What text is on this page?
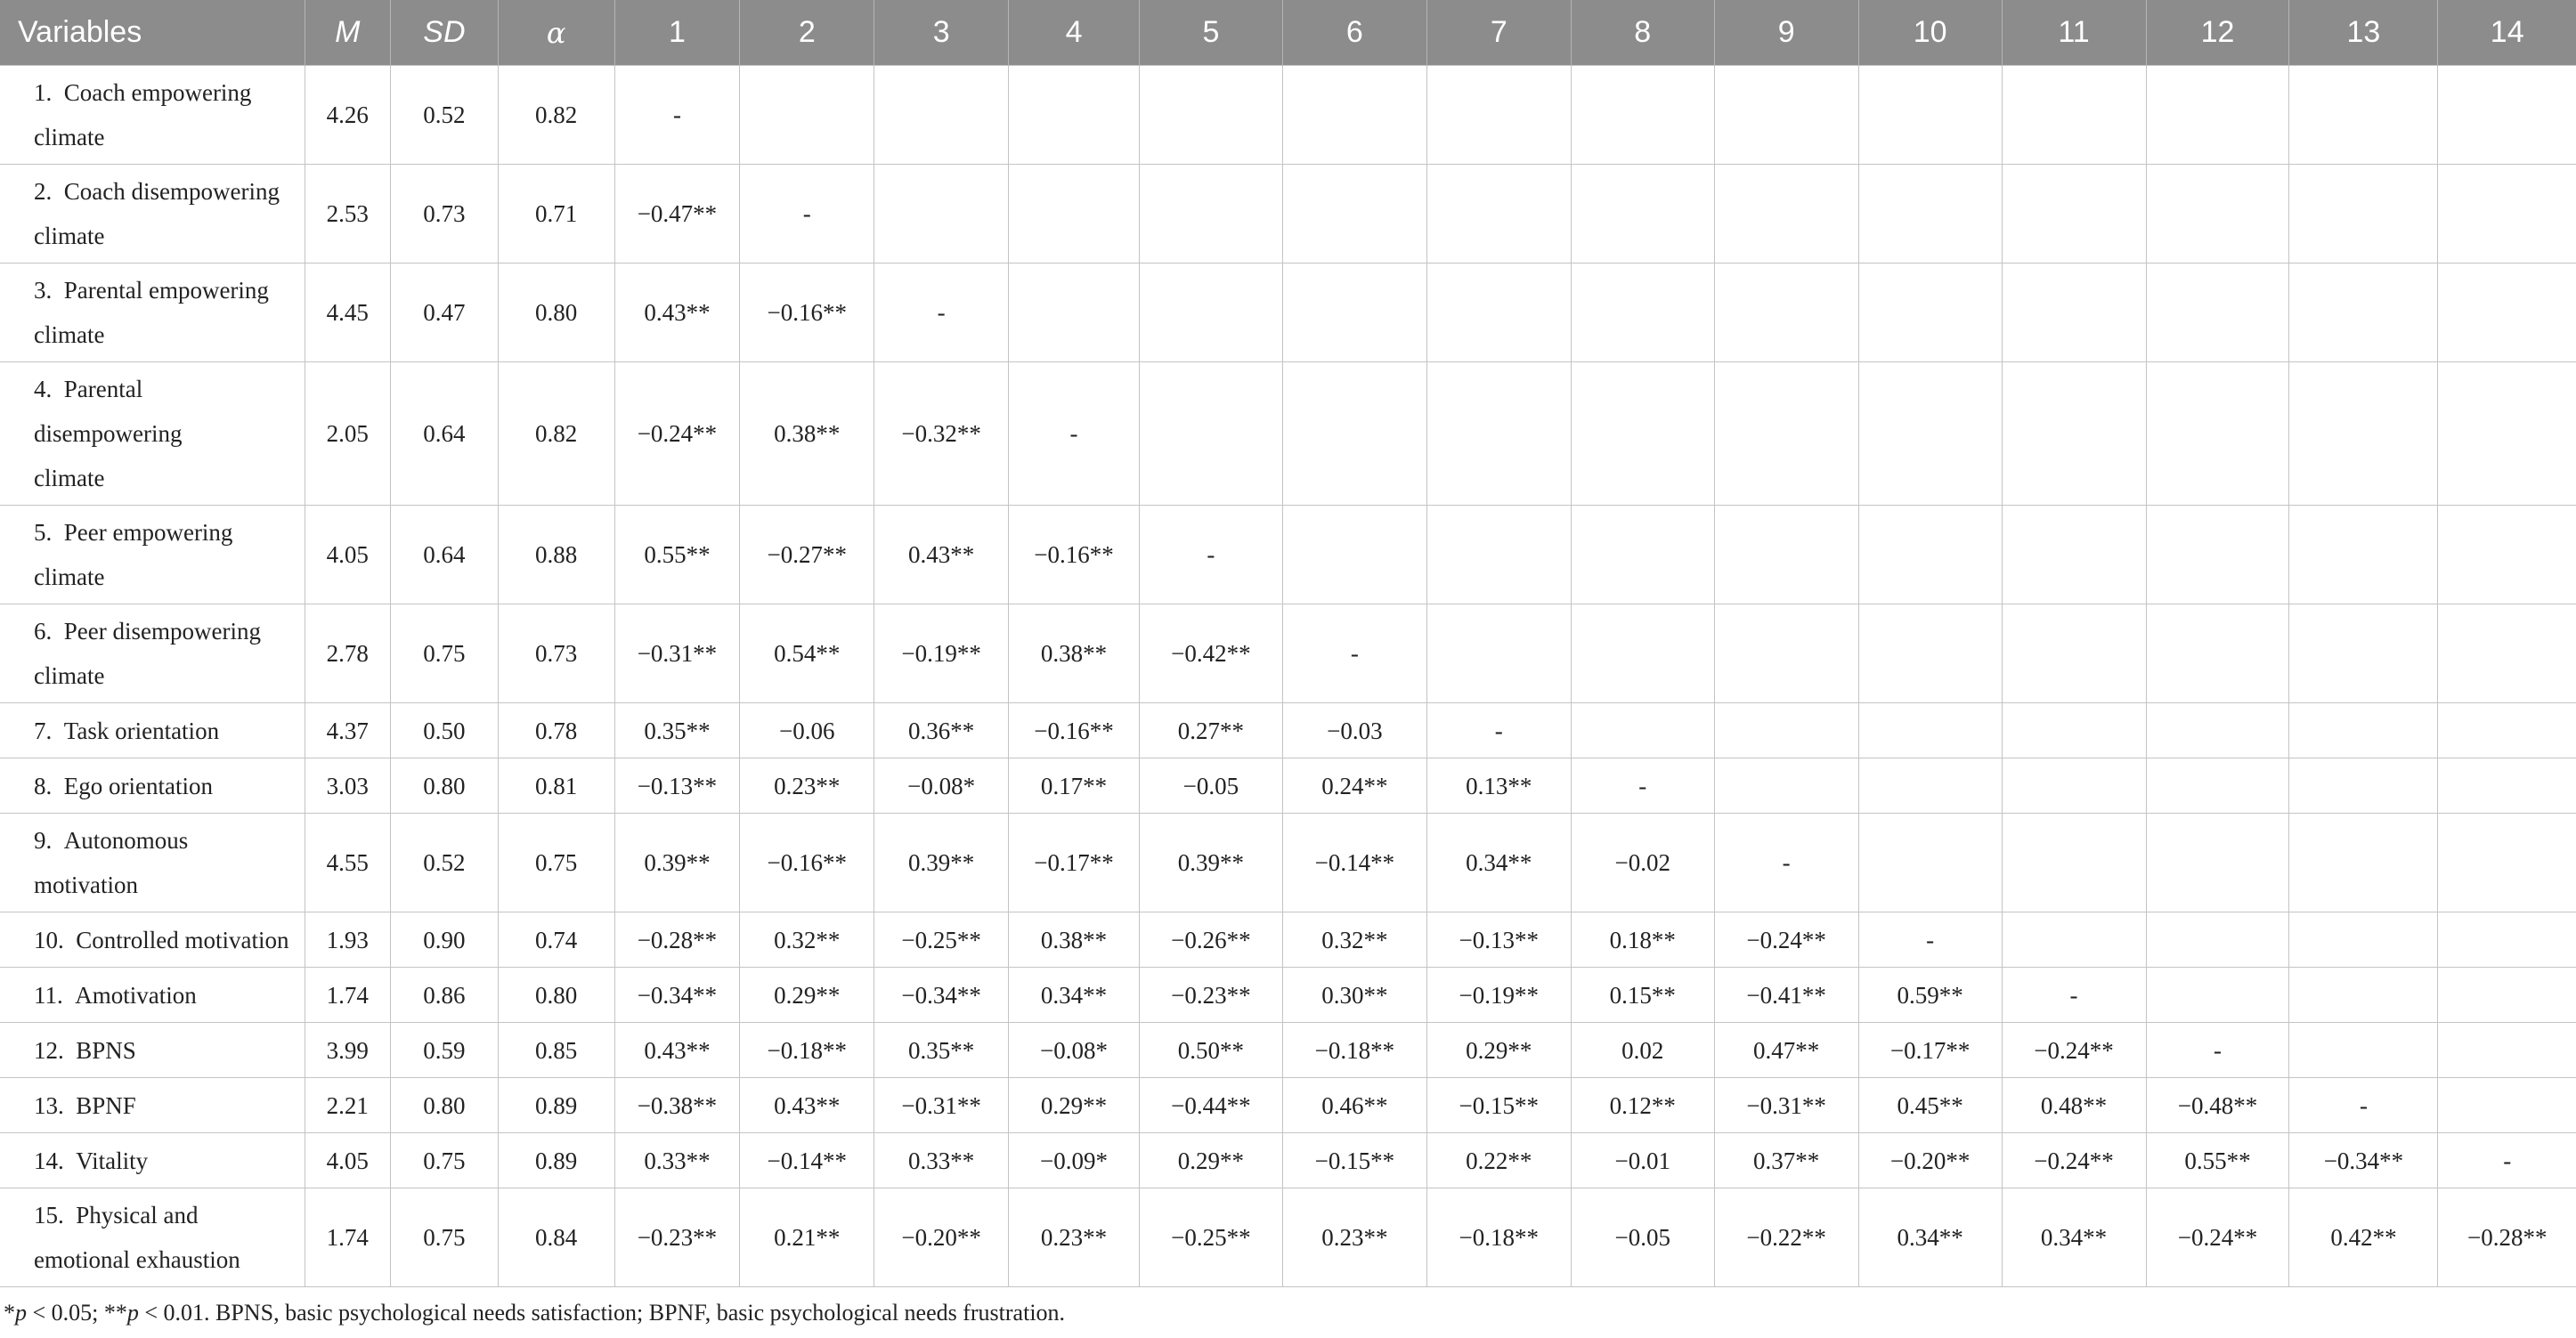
Variables	M	SD	α	1	2	3	4	5	6	7	8	9	10	11	12	13	14
1.  Coach empowering
climate	4.26	0.52	0.82	-													
2.  Coach disempowering
climate	2.53	0.73	0.71	−0.47**	-												
3.  Parental empowering
climate	4.45	0.47	0.80	0.43**	−0.16**	-											
4.  Parental
disempowering
climate	2.05	0.64	0.82	−0.24**	0.38**	−0.32**	-										
5.  Peer empowering
climate	4.05	0.64	0.88	0.55**	−0.27**	0.43**	−0.16**	-									
6.  Peer disempowering
climate	2.78	0.75	0.73	−0.31**	0.54**	−0.19**	0.38**	−0.42**	-								
7.  Task orientation	4.37	0.50	0.78	0.35**	−0.06	0.36**	−0.16**	0.27**	−0.03	-							
8.  Ego orientation	3.03	0.80	0.81	−0.13**	0.23**	−0.08*	0.17**	−0.05	0.24**	0.13**	-						
9.  Autonomous
motivation	4.55	0.52	0.75	0.39**	−0.16**	0.39**	−0.17**	0.39**	−0.14**	0.34**	−0.02	-					
10.  Controlled motivation	1.93	0.90	0.74	−0.28**	0.32**	−0.25**	0.38**	−0.26**	0.32**	−0.13**	0.18**	−0.24**	-				
11.  Amotivation	1.74	0.86	0.80	−0.34**	0.29**	−0.34**	0.34**	−0.23**	0.30**	−0.19**	0.15**	−0.41**	0.59**	-			
12.  BPNS	3.99	0.59	0.85	0.43**	−0.18**	0.35**	−0.08*	0.50**	−0.18**	0.29**	0.02	0.47**	−0.17**	−0.24**	-		
13.  BPNF	2.21	0.80	0.89	−0.38**	0.43**	−0.31**	0.29**	−0.44**	0.46**	−0.15**	0.12**	−0.31**	0.45**	0.48**	−0.48**	-	
14.  Vitality	4.05	0.75	0.89	0.33**	−0.14**	0.33**	−0.09*	0.29**	−0.15**	0.22**	−0.01	0.37**	−0.20**	−0.24**	0.55**	−0.34**	-
15.  Physical and
emotional exhaustion	1.74	0.75	0.84	−0.23**	0.21**	−0.20**	0.23**	−0.25**	0.23**	−0.18**	−0.05	−0.22**	0.34**	0.34**	−0.24**	0.42**	−0.28**
*p < 0.05; **p < 0.01. BPNS, basic psychological needs satisfaction; BPNF, basic psychological needs frustration.
